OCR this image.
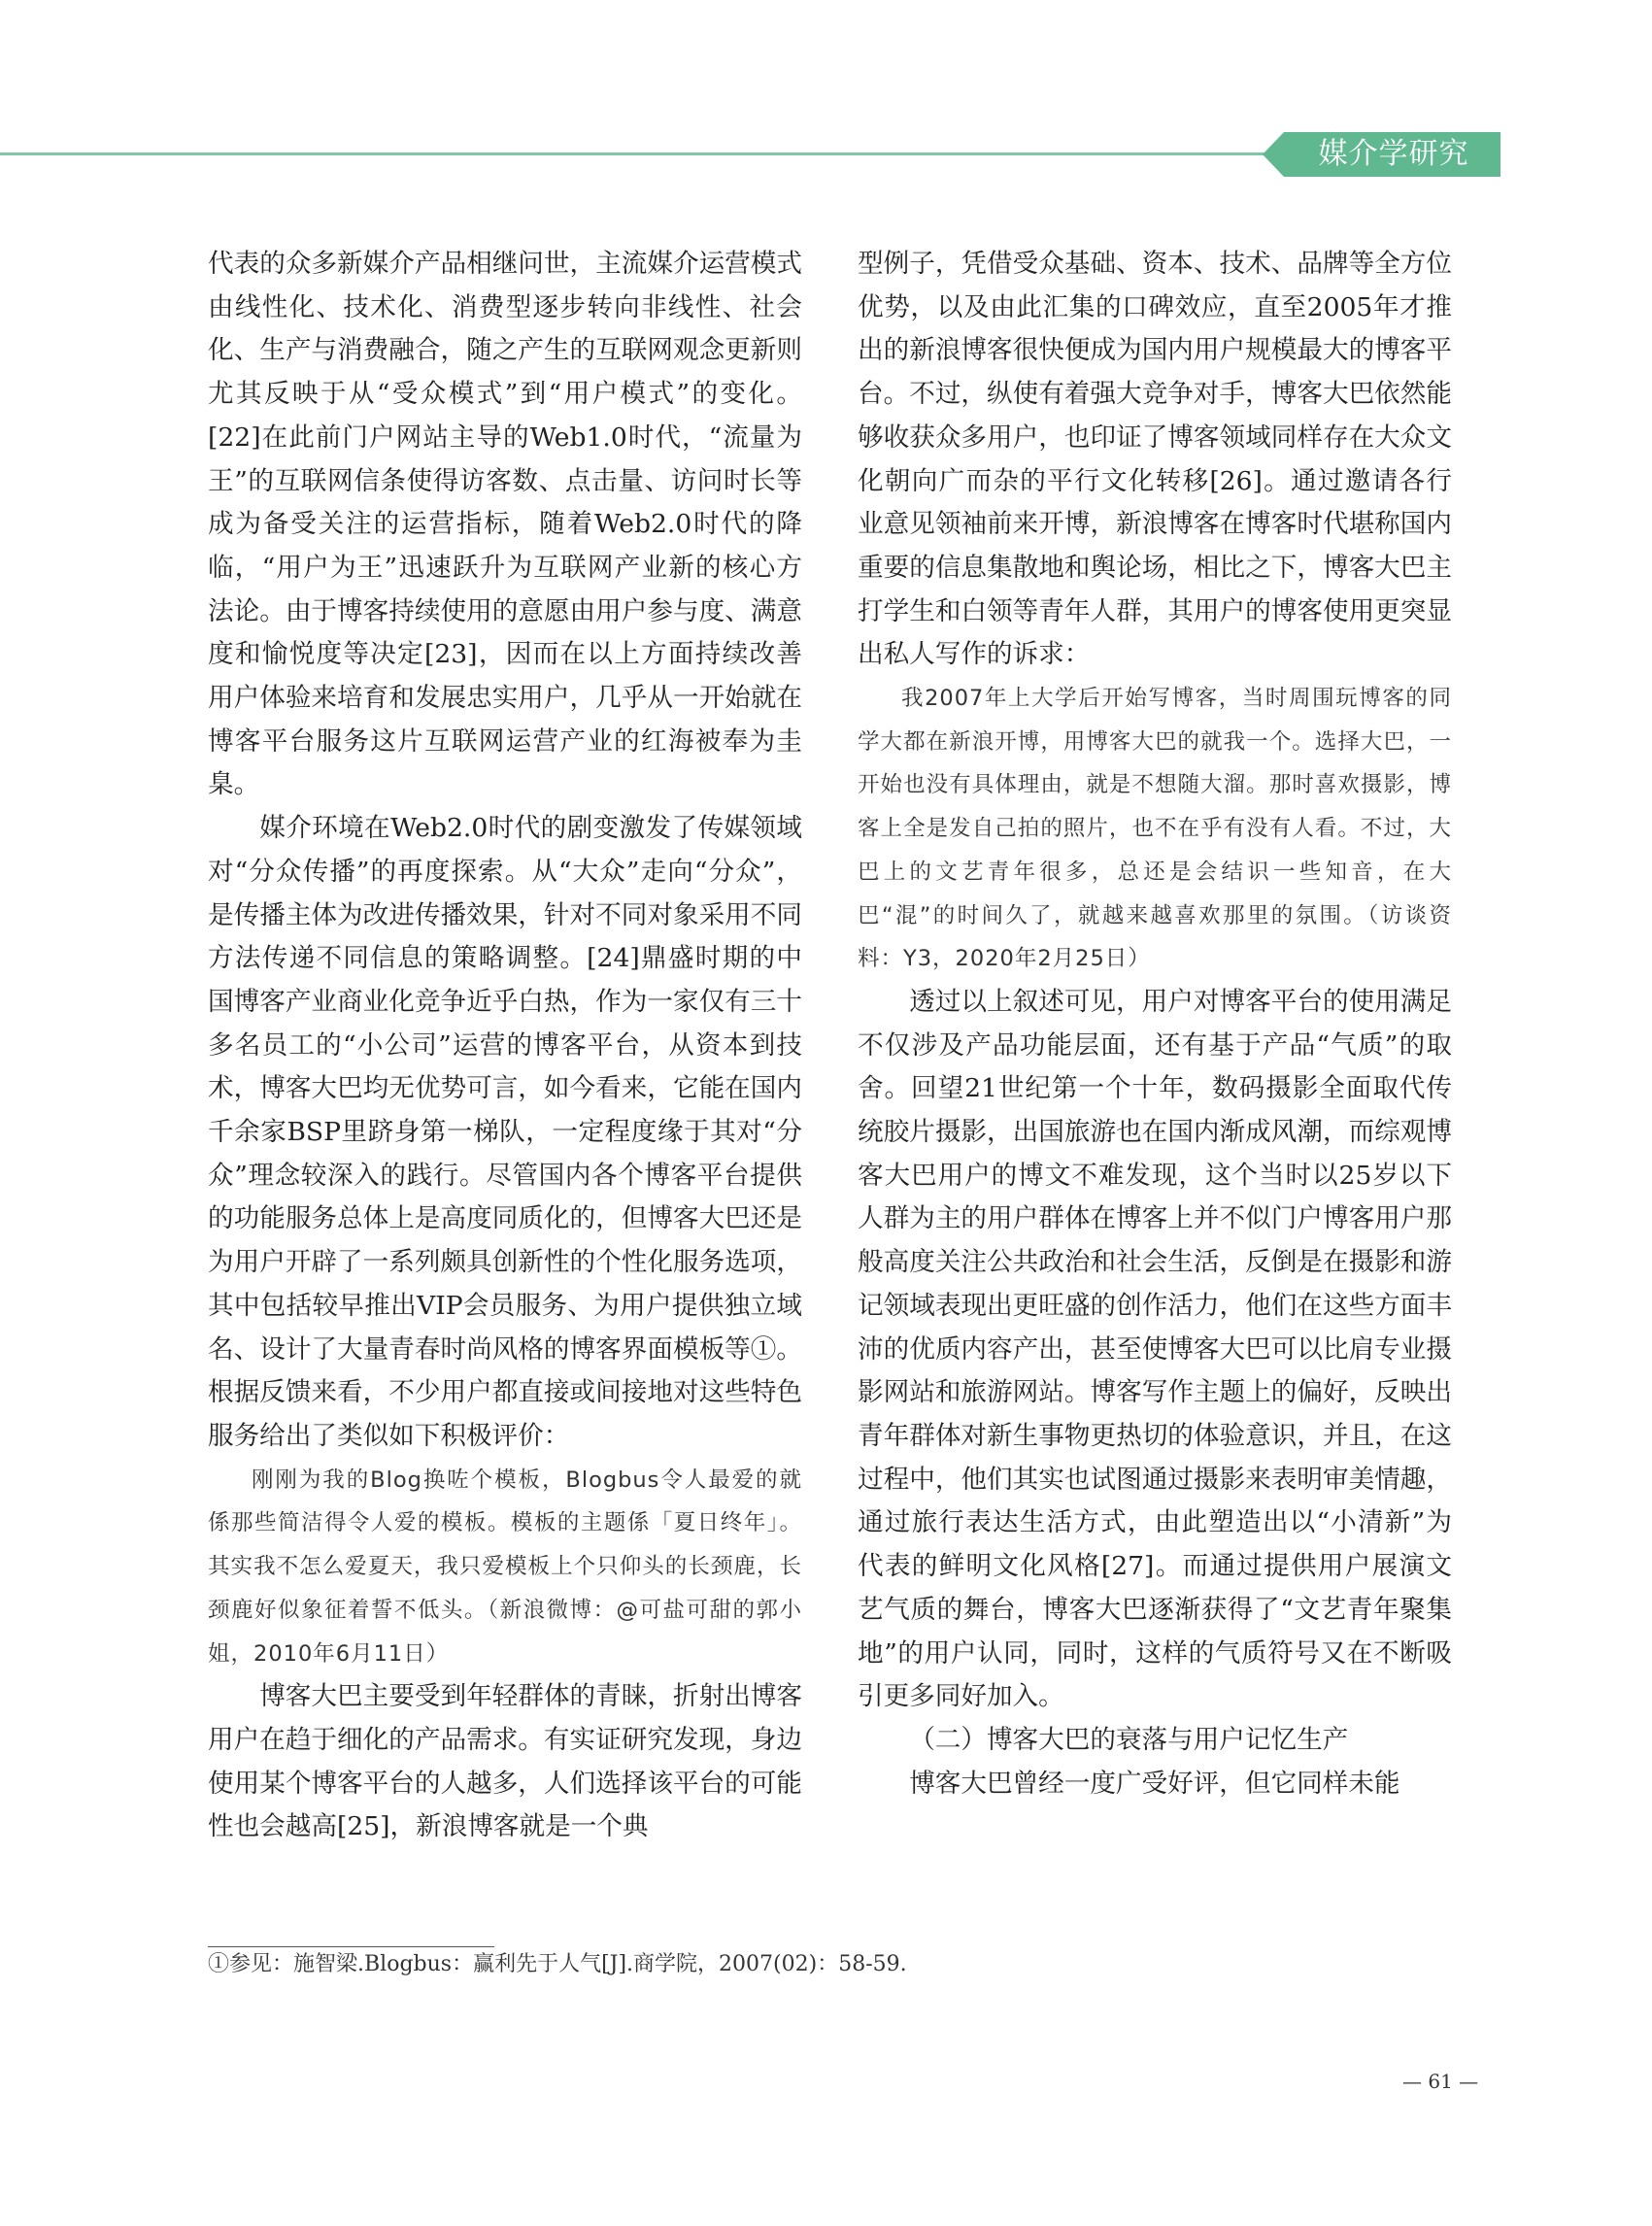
媒介学研究

代表的众多新媒介产品相继问世，主流媒介运营模式由线性化、技术化、消费型逐步转向非线性、社会化、生产与消费融合，随之产生的互联网观念更新则尤其反映于从“受众模式”到“用户模式”的变化。[22]在此前门户网站主导的Web1.0时代，“流量为王”的互联网信条使得访客数、点击量、访问时长等成为备受关注的运营指标，随着Web2.0时代的降临，“用户为王”迅速跃升为互联网产业新的核心方法论。由于博客持续使用的意愿由用户参与度、满意度和愉悦度等决定[23]，因而在以上方面持续改善用户体验来培育和发展忠实用户，几乎从一开始就在博客平台服务这片互联网运营产业的红海被奉为圭臬。

媒介环境在Web2.0时代的剧变激发了传媒领域对“分众传播”的再度探索。从“大众”走向“分众”，是传播主体为改进传播效果，针对不同对象采用不同方法传递不同信息的策略调整。[24]鼎盛时期的中国博客产业商业化竞争近乎白热，作为一家仅有三十多名员工的“小公司”运营的博客平台，从资本到技术，博客大巴均无优势可言，如今看来，它能在国内千余家BSP里跻身第一梯队，一定程度缘于其对“分众”理念较深入的践行。尽管国内各个博客平台提供的功能服务总体上是高度同质化的，但博客大巴还是为用户开辟了一系列颇具创新性的个性化服务选项，其中包括较早推出VIP会员服务、为用户提供独立域名、设计了大量青春时尚风格的博客界面模板等①。根据反馈来看，不少用户都直接或间接地对这些特色服务给出了类似如下积极评价：

刚刚为我的Blog换咗个模板，Blogbus令人最爱的就係那些简洁得令人爱的模板。模板的主题係「夏日终年」。其实我不怎么爱夏天，我只爱模板上个只仰头的长颈鹿，长颈鹿好似象征着誓不低头。（新浪微博：@可盐可甜的郭小姐，2010年6月11日）

博客大巴主要受到年轻群体的青睐，折射出博客用户在趋于细化的产品需求。有实证研究发现，身边使用某个博客平台的人越多，人们选择该平台的可能性也会越高[25]，新浪博客就是一个典

型例子，凭借受众基础、资本、技术、品牌等全方位优势，以及由此汇集的口碑效应，直至2005年才推出的新浪博客很快便成为国内用户规模最大的博客平台。不过，纵使有着强大竞争对手，博客大巴依然能够收获众多用户，也印证了博客领域同样存在大众文化朝向广而杂的平行文化转移[26]。通过邀请各行业意见领袖前来开博，新浪博客在博客时代堪称国内重要的信息集散地和舆论场，相比之下，博客大巴主打学生和白领等青年人群，其用户的博客使用更突显出私人写作的诉求：

我2007年上大学后开始写博客，当时周围玩博客的同学大都在新浪开博，用博客大巴的就我一个。选择大巴，一开始也没有具体理由，就是不想随大溜。那时喜欢摄影，博客上全是发自己拍的照片，也不在乎有没有人看。不过，大巴上的文艺青年很多，总还是会结识一些知音，在大巴“混”的时间久了，就越来越喜欢那里的氛围。（访谈资料：Y3，2020年2月25日）

透过以上叙述可见，用户对博客平台的使用满足不仅涉及产品功能层面，还有基于产品“气质”的取舍。回望21世纪第一个十年，数码摄影全面取代传统胶片摄影，出国旅游也在国内渐成风潮，而综观博客大巴用户的博文不难发现，这个当时以25岁以下人群为主的用户群体在博客上并不似门户博客用户那般高度关注公共政治和社会生活，反倒是在摄影和游记领域表现出更旺盛的创作活力，他们在这些方面丰沛的优质内容产出，甚至使博客大巴可以比肩专业摄影网站和旅游网站。博客写作主题上的偏好，反映出青年群体对新生事物更热切的体验意识，并且，在这过程中，他们其实也试图通过摄影来表明审美情趣，通过旅行表达生活方式，由此塑造出以“小清新”为代表的鲜明文化风格[27]。而通过提供用户展演文艺气质的舞台，博客大巴逐渐获得了“文艺青年聚集地”的用户认同，同时，这样的气质符号又在不断吸引更多同好加入。

（二）博客大巴的衰落与用户记忆生产

博客大巴曾经一度广受好评，但它同样未能

①参见：施智梁.Blogbus：赢利先于人气[J].商学院，2007(02)：58-59.
— 61 —
